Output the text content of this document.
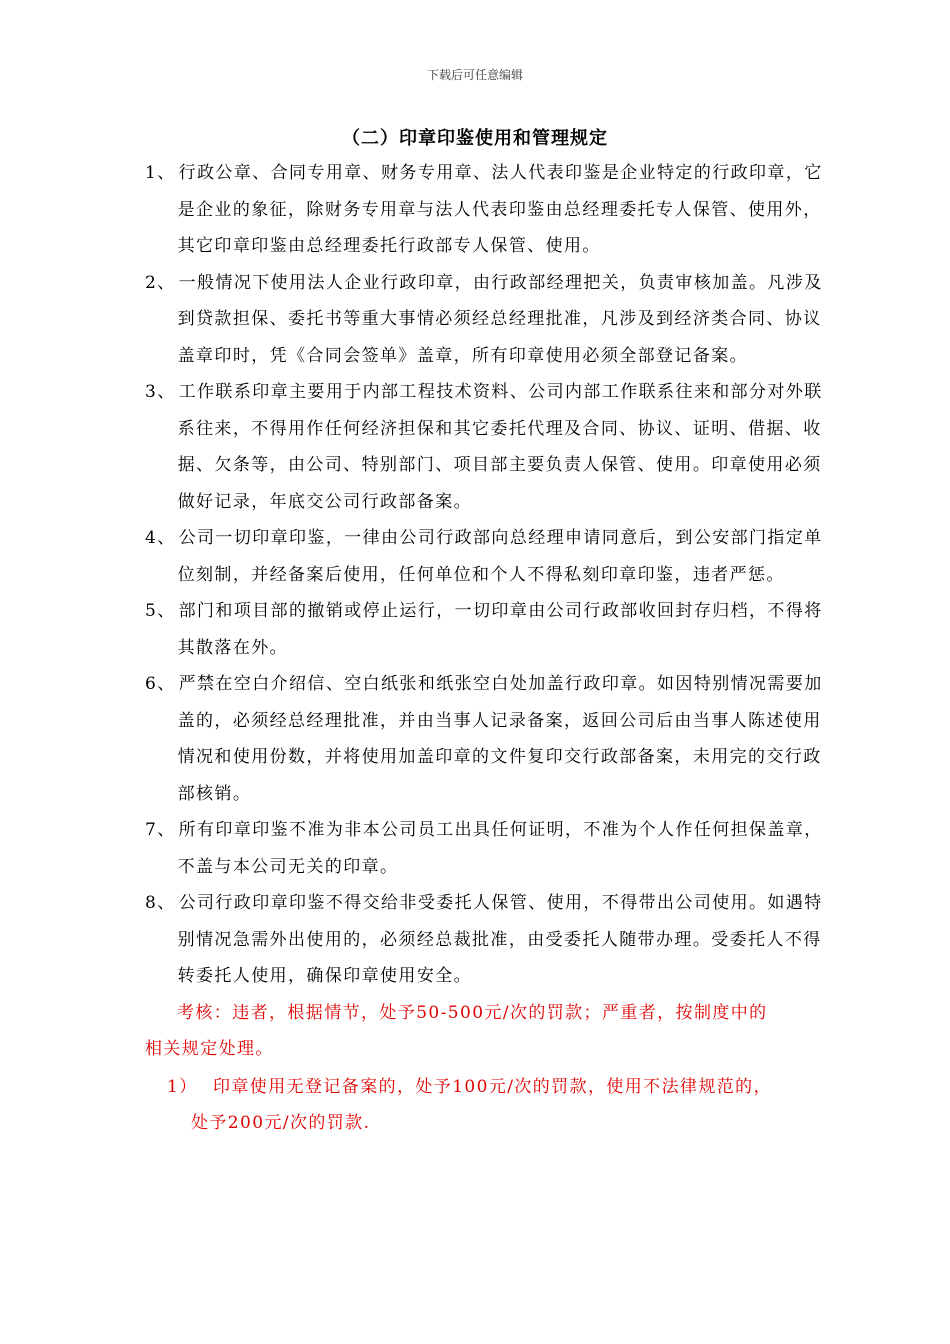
下载后可任意编辑
（二）印章印鉴使用和管理规定
1、 行政公章、合同专用章、财务专用章、法人代表印鉴是企业特定的行政印章，它是企业的象征，除财务专用章与法人代表印鉴由总经理委托专人保管、使用外，其它印章印鉴由总经理委托行政部专人保管、使用。
2、 一般情况下使用法人企业行政印章，由行政部经理把关，负责审核加盖。凡涉及到贷款担保、委托书等重大事情必须经总经理批准，凡涉及到经济类合同、协议盖章印时，凭《合同会签单》盖章，所有印章使用必须全部登记备案。
3、 工作联系印章主要用于内部工程技术资料、公司内部工作联系往来和部分对外联系往来，不得用作任何经济担保和其它委托代理及合同、协议、证明、借据、收据、欠条等，由公司、特别部门、项目部主要负责人保管、使用。印章使用必须做好记录，年底交公司行政部备案。
4、 公司一切印章印鉴，一律由公司行政部向总经理申请同意后，到公安部门指定单位刻制，并经备案后使用，任何单位和个人不得私刻印章印鉴，违者严惩。
5、 部门和项目部的撤销或停止运行，一切印章由公司行政部收回封存归档，不得将其散落在外。
6、 严禁在空白介绍信、空白纸张和纸张空白处加盖行政印章。如因特别情况需要加盖的，必须经总经理批准，并由当事人记录备案，返回公司后由当事人陈述使用情况和使用份数，并将使用加盖印章的文件复印交行政部备案，未用完的交行政部核销。
7、 所有印章印鉴不准为非本公司员工出具任何证明，不准为个人作任何担保盖章，不盖与本公司无关的印章。
8、 公司行政印章印鉴不得交给非受委托人保管、使用，不得带出公司使用。如遇特别情况急需外出使用的，必须经总裁批准，由受委托人随带办理。受委托人不得转委托人使用，确保印章使用安全。
考核：违者，根据情节，处予50-500元/次的罚款；严重者，按制度中的
相关规定处理。
1） 印章使用无登记备案的，处予100元/次的罚款，使用不法律规范的，
处予200元/次的罚款.
